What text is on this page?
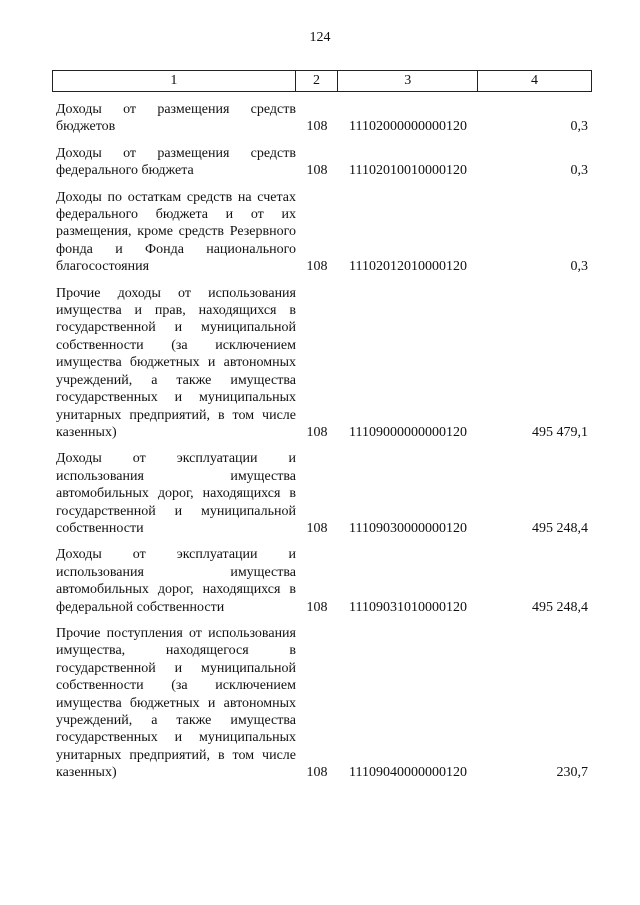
124
1	2	3	4
Доходы от размещения средств бюджетов	108	11102000000000120	0,3
Доходы от размещения средств федерального бюджета	108	11102010010000120	0,3
Доходы по остаткам средств на счетах федерального бюджета и от их размещения, кроме средств Резервного фонда и Фонда национального благосостояния	108	11102012010000120	0,3
Прочие доходы от использования имущества и прав, находящихся в государственной и муниципальной собственности (за исключением имущества бюджетных и автономных учреждений, а также имущества государственных и муниципальных унитарных предприятий, в том числе казенных)	108	11109000000000120	495 479,1
Доходы от эксплуатации и использования имущества автомобильных дорог, находящихся в государственной и муниципальной собственности	108	11109030000000120	495 248,4
Доходы от эксплуатации и использования имущества автомобильных дорог, находящихся в федеральной собственности	108	11109031010000120	495 248,4
Прочие поступления от использования имущества, находящегося в государственной и муниципальной собственности (за исключением имущества бюджетных и автономных учреждений, а также имущества государственных и муниципальных унитарных предприятий, в том числе казенных)	108	11109040000000120	230,7
